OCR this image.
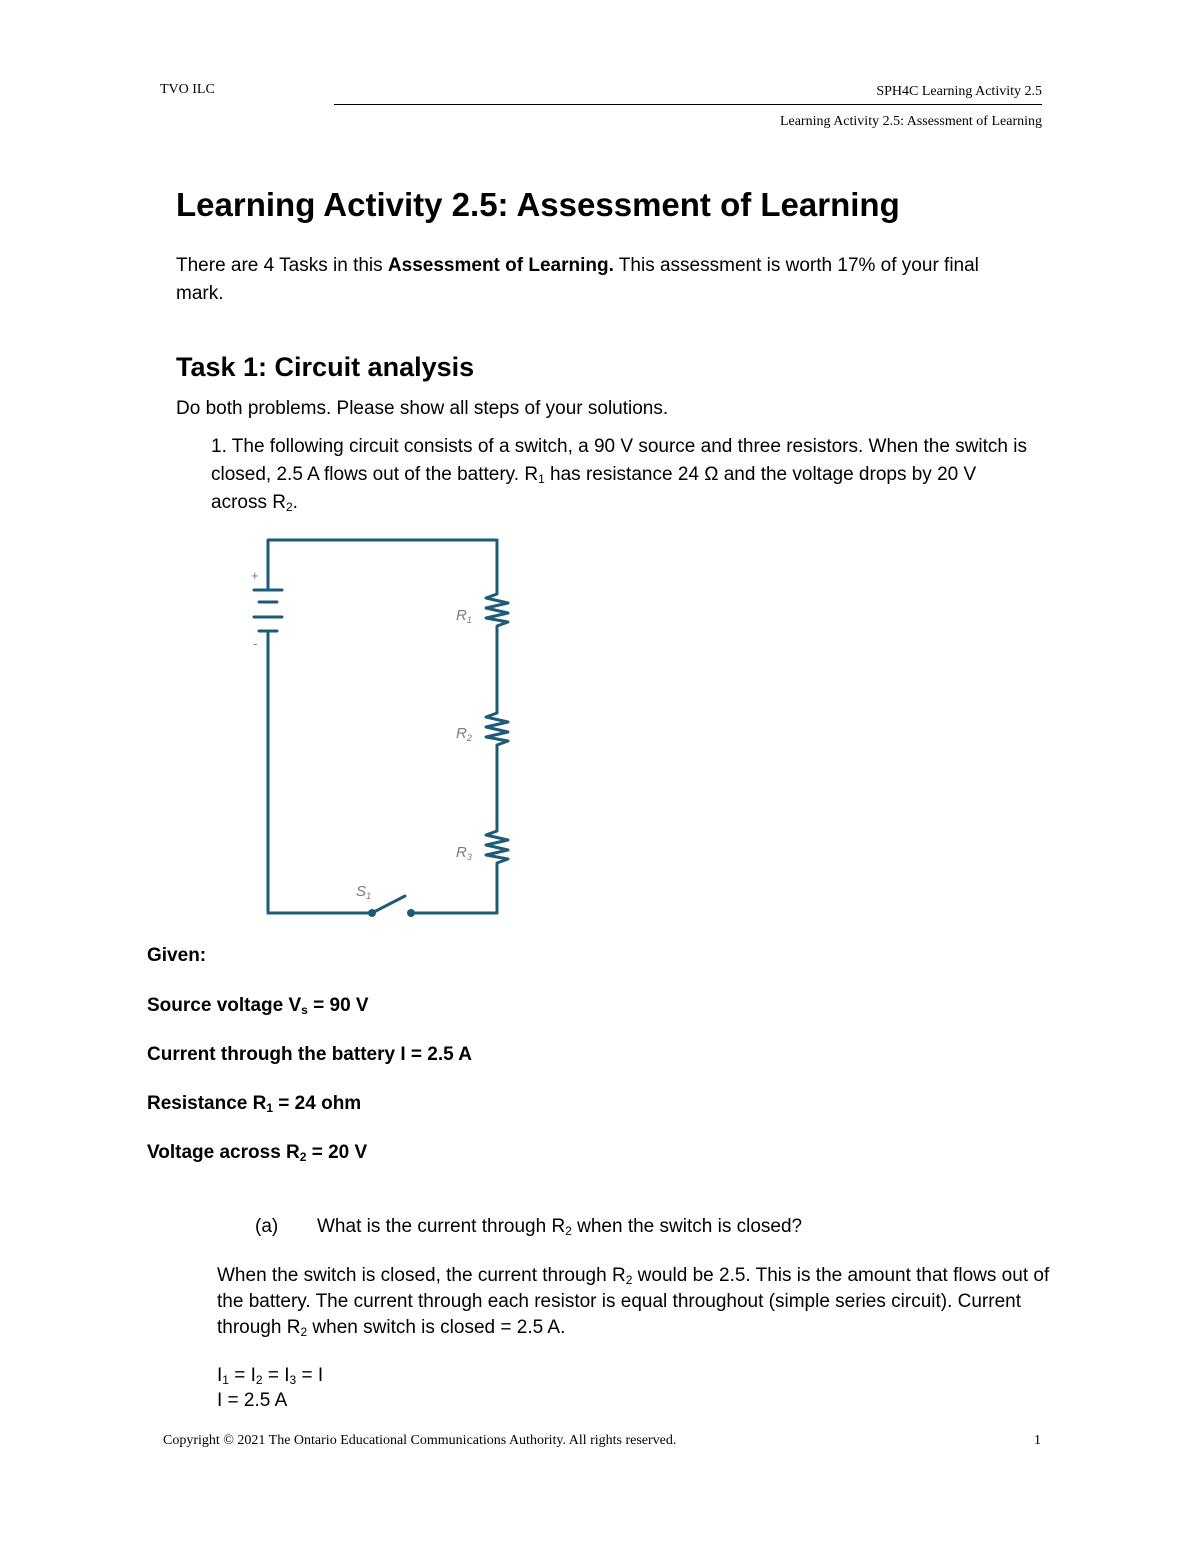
TVO ILC	SPH4C Learning Activity 2.5
Learning Activity 2.5: Assessment of Learning
Learning Activity 2.5: Assessment of Learning

There are 4 Tasks in this Assessment of Learning. This assessment is worth 17% of your final mark.

Task 1: Circuit analysis

Do both problems. Please show all steps of your solutions.

1. The following circuit consists of a switch, a 90 V source and three resistors. When the switch is closed, 2.5 A flows out of the battery. $R_1$ has resistance 24 Ω and the voltage drops by 20 V across $R_2$.

+
-
$R_1$
$R_2$
$R_3$
$S_1$

Given:

Source voltage $V_s = 90$ V

Current through the battery I = 2.5 A

Resistance $R_1 = 24$ ohm

Voltage across $R_2 = 20$ V

(a) What is the current through $R_2$ when the switch is closed?

When the switch is closed, the current through $R_2$ would be 2.5. This is the amount that flows out of the battery. The current through each resistor is equal throughout (simple series circuit). Current through $R_2$ when switch is closed = 2.5 A.

$I_1 = I_2 = I_3 = I$

I = 2.5 A

Copyright © 2021 The Ontario Educational Communications Authority. All rights reserved.	1
